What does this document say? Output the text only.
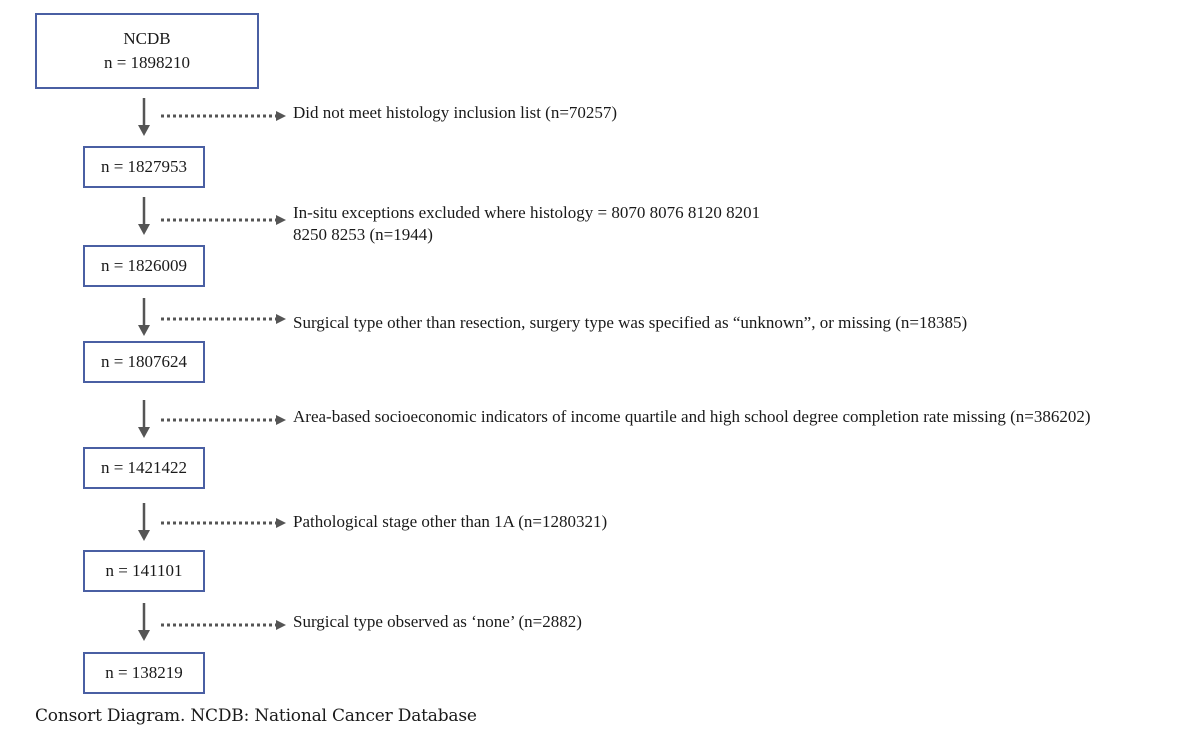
NCDB
n = 1898210
Did not meet histology inclusion list (n=70257)
In-situ exceptions excluded where histology = 8070 8076 8120 8201
8250 8253 (n=1944)
Surgical type other than resection, surgery type was specified as “unknown”, or missing (n=18385)
Area-based socioeconomic indicators of income quartile and high school degree completion rate missing (n=386202)
Pathological stage other than 1A (n=1280321)
Surgical type observed as ‘none’ (n=2882)
n = 1827953
n = 1826009
n = 1807624
n = 1421422
n = 141101
n = 138219
Consort Diagram. NCDB: National Cancer Database
